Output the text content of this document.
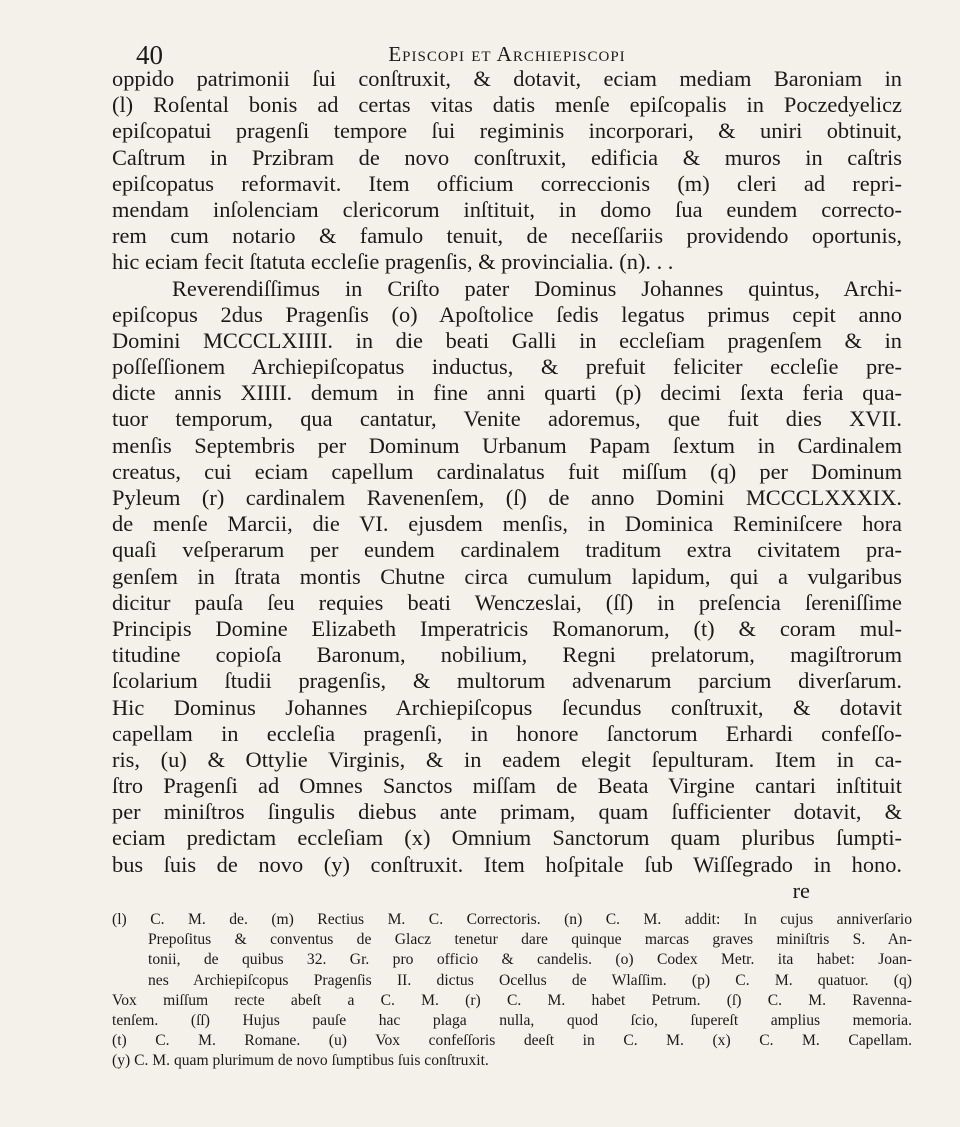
40	Episcopi et Archiepiscopi
oppido patrimonii ſui conſtruxit, & dotavit, eciam mediam Baroniam in
(l) Roſental bonis ad certas vitas datis menſe epiſcopalis in Poczedyelicz
epiſcopatui pragenſi tempore ſui regiminis incorporari, & uniri obtinuit,
Caſtrum in Przibram de novo conſtruxit, edificia & muros in caſtris
epiſcopatus reformavit. Item officium correccionis (m) cleri ad repri-
mendam inſolenciam clericorum inſtituit, in domo ſua eundem correcto-
rem cum notario & famulo tenuit, de neceſſariis providendo oportunis,
hic eciam fecit ſtatuta eccleſie pragenſis, & provincialia. (n). . .
Reverendiſſimus in Criſto pater Dominus Johannes quintus, Archi-
epiſcopus 2dus Pragenſis (o) Apoſtolice ſedis legatus primus cepit anno
Domini MCCCLXIIII. in die beati Galli in eccleſiam pragenſem & in
poſſeſſionem Archiepiſcopatus inductus, & prefuit feliciter eccleſie pre-
dicte annis XIIII. demum in fine anni quarti (p) decimi ſexta feria qua-
tuor temporum, qua cantatur, Venite adoremus, que fuit dies XVII.
menſis Septembris per Dominum Urbanum Papam ſextum in Cardinalem
creatus, cui eciam capellum cardinalatus fuit miſſum (q) per Dominum
Pyleum (r) cardinalem Ravenenſem, (ſ) de anno Domini MCCCLXXXIX.
de menſe Marcii, die VI. ejusdem menſis, in Dominica Reminiſcere hora
quaſi veſperarum per eundem cardinalem traditum extra civitatem pra-
genſem in ſtrata montis Chutne circa cumulum lapidum, qui a vulgaribus
dicitur pauſa ſeu requies beati Wenczeslai, (ſſ) in preſencia ſereniſſime
Principis Domine Elizabeth Imperatricis Romanorum, (t) & coram mul-
titudine copioſa Baronum, nobilium, Regni prelatorum, magiſtrorum
ſcolarium ſtudii pragenſis, & multorum advenarum parcium diverſarum.
Hic Dominus Johannes Archiepiſcopus ſecundus conſtruxit, & dotavit
capellam in eccleſia pragenſi, in honore ſanctorum Erhardi confeſſo-
ris, (u) & Ottylie Virginis, & in eadem elegit ſepulturam. Item in ca-
ſtro Pragenſi ad Omnes Sanctos miſſam de Beata Virgine cantari inſtituit
per miniſtros ſingulis diebus ante primam, quam ſufficienter dotavit, &
eciam predictam eccleſiam (x) Omnium Sanctorum quam pluribus ſumpti-
bus ſuis de novo (y) conſtruxit. Item hoſpitale ſub Wiſſegrado in hono.
re
(l) C. M. de. (m) Rectius M. C. Correctoris. (n) C. M. addit: In cujus anniverſario
Prepoſitus & conventus de Glacz tenetur dare quinque marcas graves miniſtris S. An-
tonii, de quibus 32. Gr. pro officio & candelis. (o) Codex Metr. ita habet: Joan-
nes Archiepiſcopus Pragenſis II. dictus Ocellus de Wlaſſim. (p) C. M. quatuor. (q)
Vox miſſum recte abeſt a C. M. (r) C. M. habet Petrum. (ſ) C. M. Ravenna-
tenſem. (ſſ) Hujus pauſe hac plaga nulla, quod ſcio, ſupereſt amplius memoria.
(t) C. M. Romane. (u) Vox confeſſoris deeſt in C. M. (x) C. M. Capellam.
(y) C. M. quam plurimum de novo ſumptibus ſuis conſtruxit.
